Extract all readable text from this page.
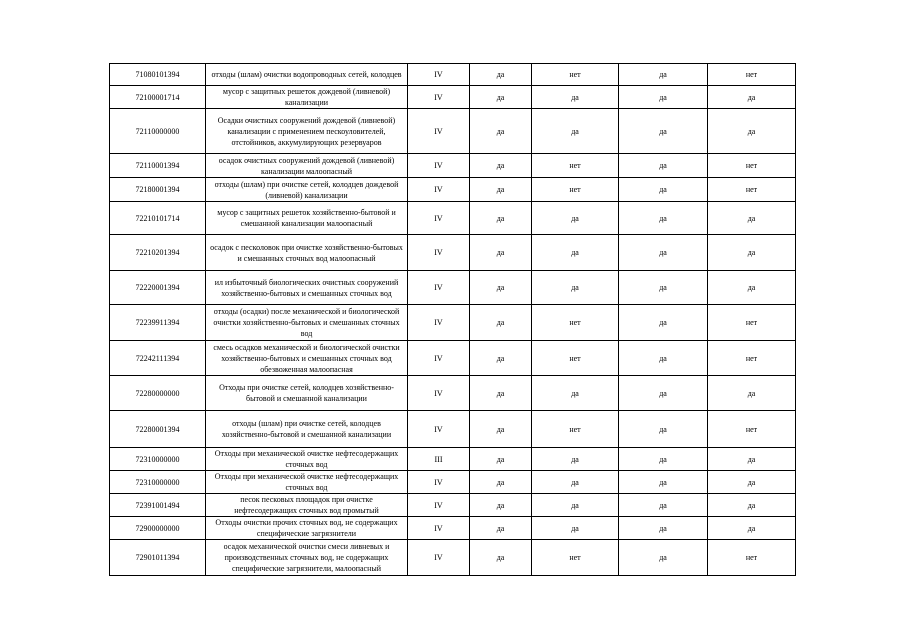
71080101394	отходы (шлам) очистки водопроводных сетей, колодцев	IV	да	нет	да	нет
72100001714	мусор с защитных решеток дождевой (ливневой) канализации	IV	да	да	да	да
72110000000	Осадки очистных сооружений дождевой (ливневой) канализации с применением пескоуловителей, отстойников, аккумулирующих резервуаров	IV	да	да	да	да
72110001394	осадок очистных сооружений дождевой (ливневой) канализации малоопасный	IV	да	нет	да	нет
72180001394	отходы (шлам) при очистке сетей, колодцев дождевой (ливневой) канализации	IV	да	нет	да	нет
72210101714	мусор с защитных решеток хозяйственно-бытовой и смешанной канализации малоопасный	IV	да	да	да	да
72210201394	осадок с песколовок при очистке хозяйственно-бытовых и смешанных сточных вод малоопасный	IV	да	да	да	да
72220001394	ил избыточный биологических очистных сооружений хозяйственно-бытовых и смешанных сточных вод	IV	да	да	да	да
72239911394	отходы (осадки) после механической и биологической очистки хозяйственно-бытовых и смешанных сточных вод	IV	да	нет	да	нет
72242111394	смесь осадков механической и биологической очистки хозяйственно-бытовых и смешанных сточных вод обезвоженная малоопасная	IV	да	нет	да	нет
72280000000	Отходы при очистке сетей, колодцев хозяйственно-бытовой и смешанной канализации	IV	да	да	да	да
72280001394	отходы (шлам) при очистке сетей, колодцев хозяйственно-бытовой и смешанной канализации	IV	да	нет	да	нет
72310000000	Отходы при механической очистке нефтесодержащих сточных вод	III	да	да	да	да
72310000000	Отходы при механической очистке нефтесодержащих сточных вод	IV	да	да	да	да
72391001494	песок песковых площадок при очистке нефтесодержащих сточных вод промытый	IV	да	да	да	да
72900000000	Отходы очистки прочих сточных вод, не содержащих специфические загрязнители	IV	да	да	да	да
72901011394	осадок механической очистки смеси ливневых и производственных сточных вод, не содержащих специфические загрязнители, малоопасный	IV	да	нет	да	нет
